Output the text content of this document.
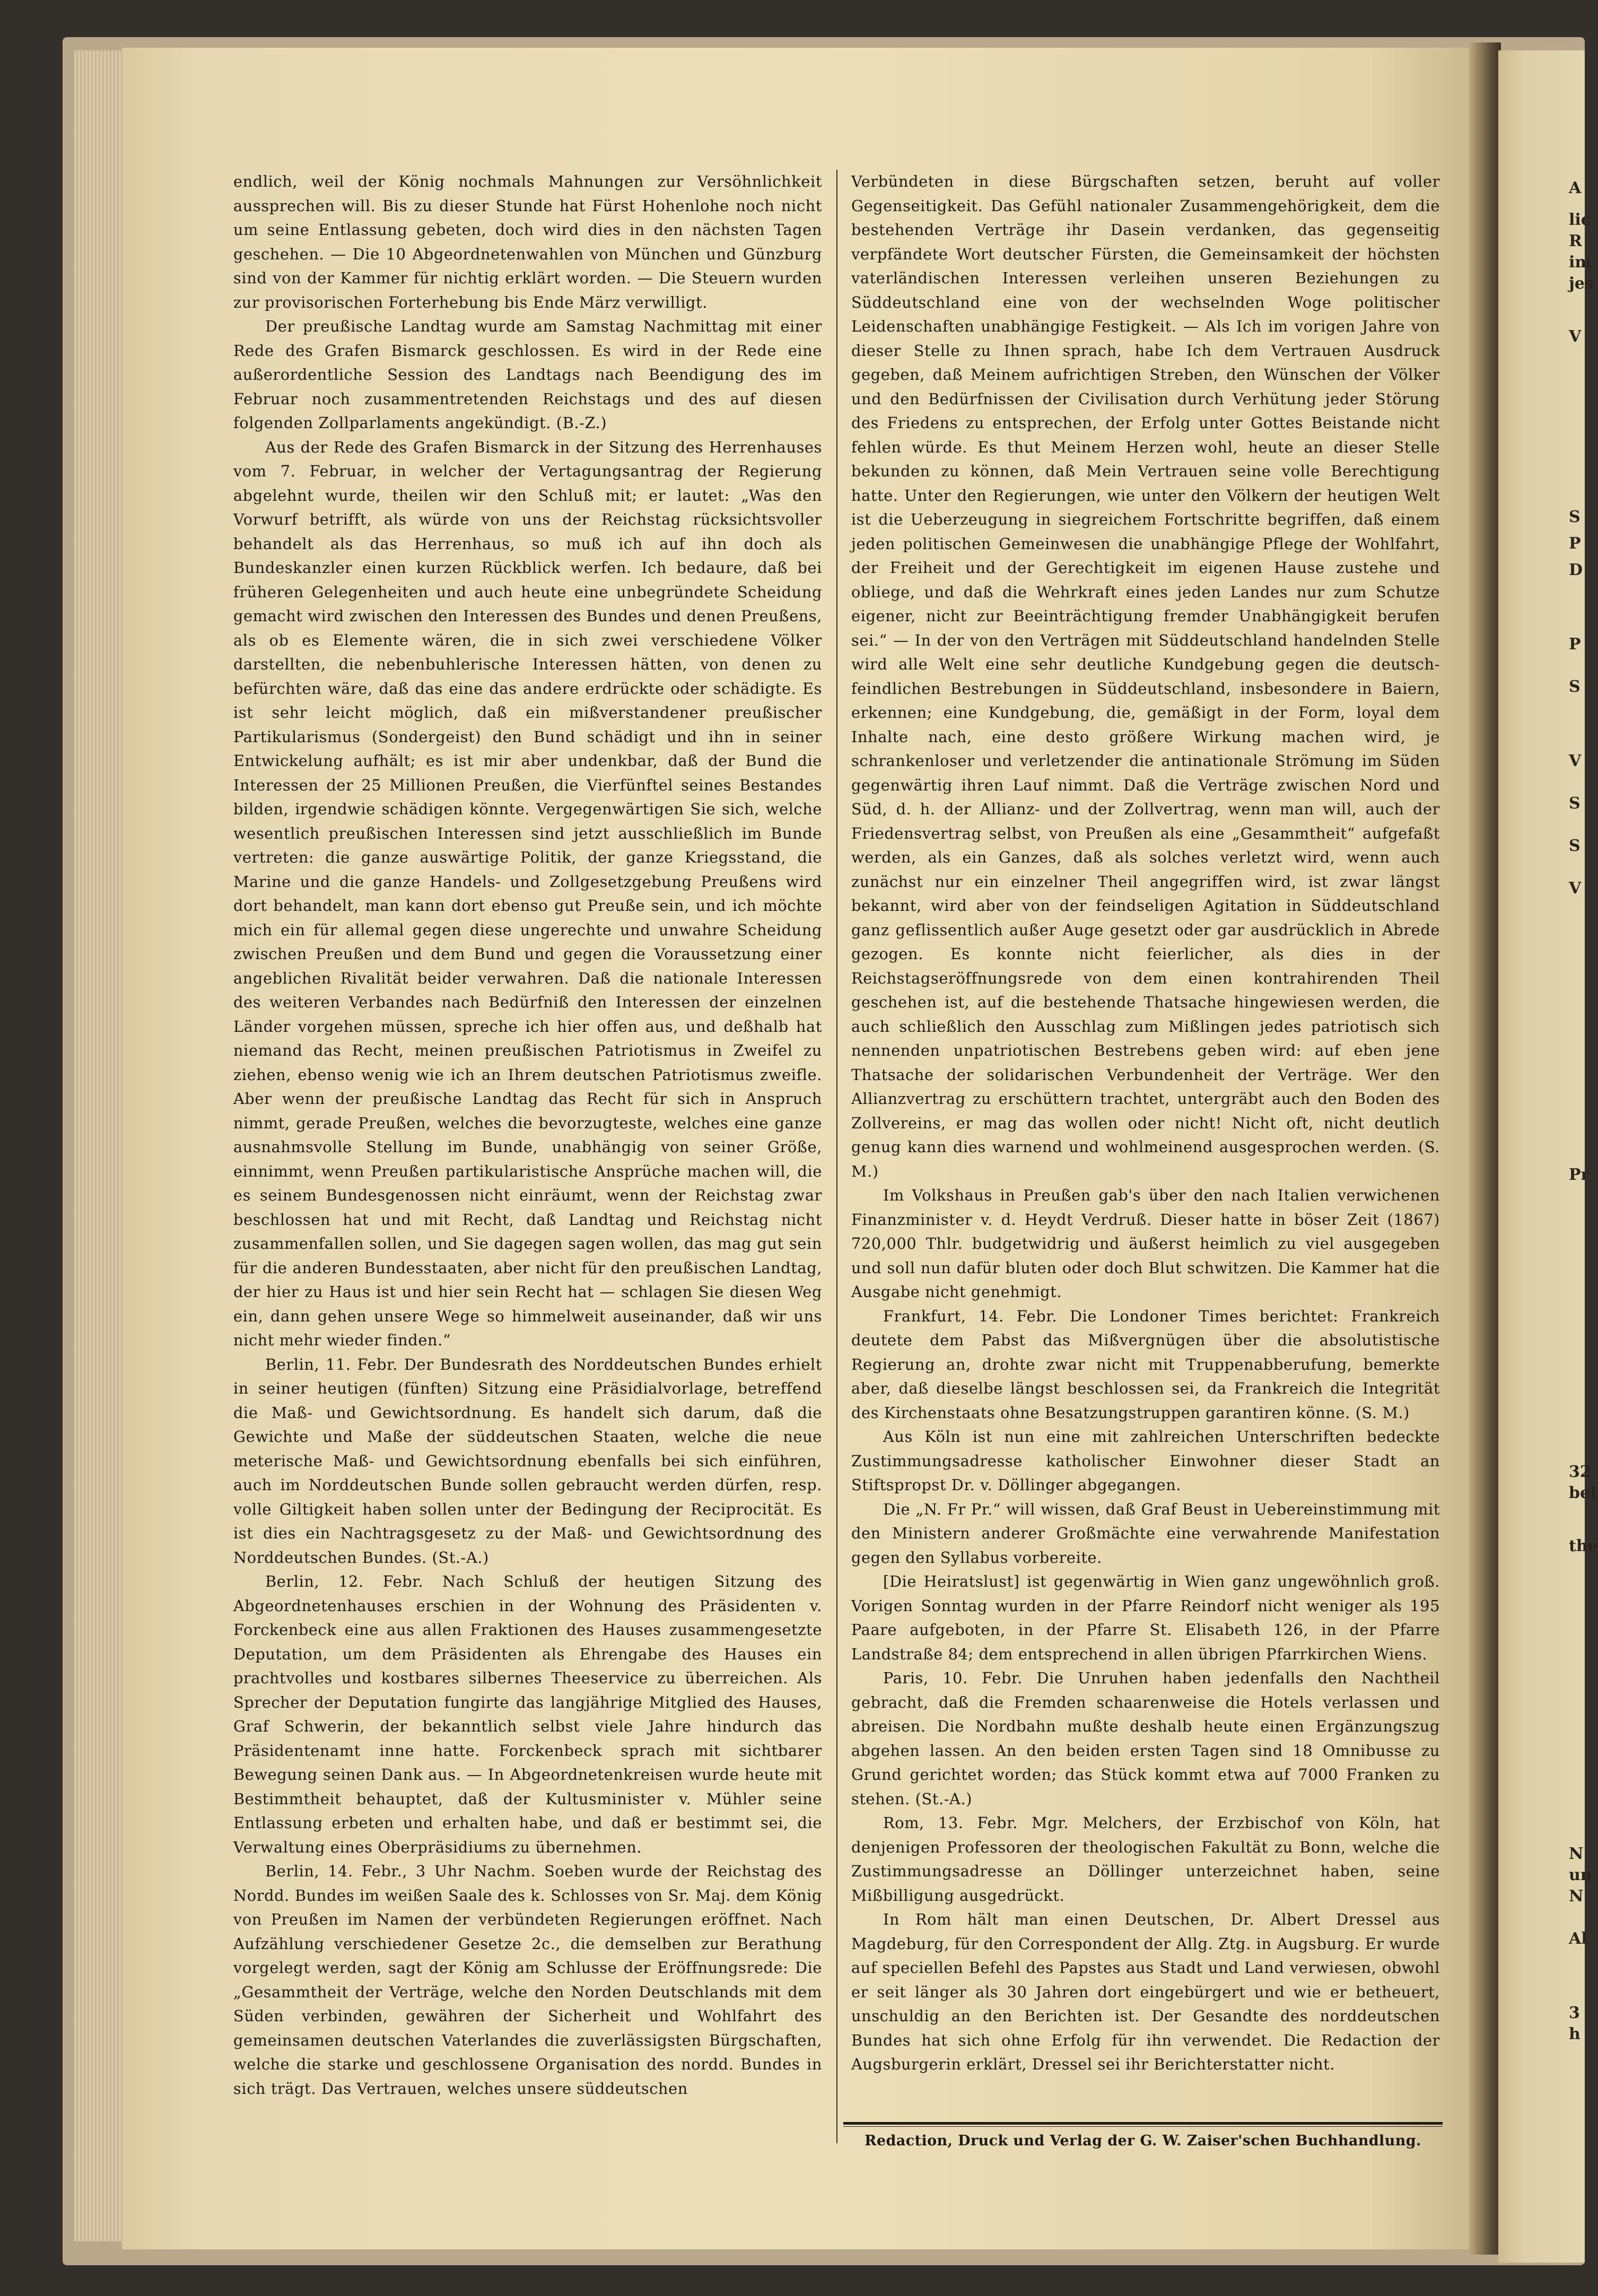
A
lic
R
im
jes
V
S
P
D
P
S
V
S
S
V
Pr
32
bel
the
N
un
N
Al
3
h

endlich, weil der König nochmals Mahnungen zur Versöhnlichkeit aussprechen will. Bis zu dieser Stunde hat Fürst Hohenlohe noch nicht um seine Entlassung gebeten, doch wird dies in den nächsten Tagen geschehen. — Die 10 Abgeordnetenwahlen von München und Günzburg sind von der Kammer für nichtig erklärt worden. — Die Steuern wurden zur provisorischen Forterhebung bis Ende März verwilligt.

Der preußische Landtag wurde am Samstag Nachmittag mit einer Rede des Grafen Bismarck geschlossen. Es wird in der Rede eine außerordentliche Session des Landtags nach Beendigung des im Februar noch zusammentretenden Reichstags und des auf diesen folgenden Zollparlaments angekündigt. (B.-Z.)

Aus der Rede des Grafen Bismarck in der Sitzung des Herrenhauses vom 7. Februar, in welcher der Vertagungsantrag der Regierung abgelehnt wurde, theilen wir den Schluß mit; er lautet: „Was den Vorwurf betrifft, als würde von uns der Reichstag rücksichtsvoller behandelt als das Herrenhaus, so muß ich auf ihn doch als Bundeskanzler einen kurzen Rückblick werfen. Ich bedaure, daß bei früheren Gelegenheiten und auch heute eine unbegründete Scheidung gemacht wird zwischen den Interessen des Bundes und denen Preußens, als ob es Elemente wären, die in sich zwei verschiedene Völker darstellten, die nebenbuhlerische Interessen hätten, von denen zu befürchten wäre, daß das eine das andere erdrückte oder schädigte. Es ist sehr leicht möglich, daß ein mißverstandener preußischer Partikularismus (Sondergeist) den Bund schädigt und ihn in seiner Entwickelung aufhält; es ist mir aber undenkbar, daß der Bund die Interessen der 25 Millionen Preußen, die Vierfünftel seines Bestandes bilden, irgendwie schädigen könnte. Vergegenwärtigen Sie sich, welche wesentlich preußischen Interessen sind jetzt ausschließlich im Bunde vertreten: die ganze auswärtige Politik, der ganze Kriegsstand, die Marine und die ganze Handels- und Zollgesetzgebung Preußens wird dort behandelt, man kann dort ebenso gut Preuße sein, und ich möchte mich ein für allemal gegen diese ungerechte und unwahre Scheidung zwischen Preußen und dem Bund und gegen die Voraussetzung einer angeblichen Rivalität beider verwahren. Daß die nationale Interessen des weiteren Verbandes nach Bedürfniß den Interessen der einzelnen Länder vorgehen müssen, spreche ich hier offen aus, und deßhalb hat niemand das Recht, meinen preußischen Patriotismus in Zweifel zu ziehen, ebenso wenig wie ich an Ihrem deutschen Patriotismus zweifle. Aber wenn der preußische Landtag das Recht für sich in Anspruch nimmt, gerade Preußen, welches die bevorzugteste, welches eine ganze ausnahmsvolle Stellung im Bunde, unabhängig von seiner Größe, einnimmt, wenn Preußen partikularistische Ansprüche machen will, die es seinem Bundesgenossen nicht einräumt, wenn der Reichstag zwar beschlossen hat und mit Recht, daß Landtag und Reichstag nicht zusammenfallen sollen, und Sie dagegen sagen wollen, das mag gut sein für die anderen Bundesstaaten, aber nicht für den preußischen Landtag, der hier zu Haus ist und hier sein Recht hat — schlagen Sie diesen Weg ein, dann gehen unsere Wege so himmelweit auseinander, daß wir uns nicht mehr wieder finden.“

Berlin, 11. Febr. Der Bundesrath des Norddeutschen Bundes erhielt in seiner heutigen (fünften) Sitzung eine Präsidialvorlage, betreffend die Maß- und Gewichtsordnung. Es handelt sich darum, daß die Gewichte und Maße der süddeutschen Staaten, welche die neue meterische Maß- und Gewichtsordnung ebenfalls bei sich einführen, auch im Norddeutschen Bunde sollen gebraucht werden dürfen, resp. volle Giltigkeit haben sollen unter der Bedingung der Reciprocität. Es ist dies ein Nachtragsgesetz zu der Maß- und Gewichtsordnung des Norddeutschen Bundes. (St.-A.)

Berlin, 12. Febr. Nach Schluß der heutigen Sitzung des Abgeordnetenhauses erschien in der Wohnung des Präsidenten v. Forckenbeck eine aus allen Fraktionen des Hauses zusammengesetzte Deputation, um dem Präsidenten als Ehrengabe des Hauses ein prachtvolles und kostbares silbernes Theeservice zu überreichen. Als Sprecher der Deputation fungirte das langjährige Mitglied des Hauses, Graf Schwerin, der bekanntlich selbst viele Jahre hindurch das Präsidentenamt inne hatte. Forckenbeck sprach mit sichtbarer Bewegung seinen Dank aus. — In Abgeordnetenkreisen wurde heute mit Bestimmtheit behauptet, daß der Kultusminister v. Mühler seine Entlassung erbeten und erhalten habe, und daß er bestimmt sei, die Verwaltung eines Oberpräsidiums zu übernehmen.

Berlin, 14. Febr., 3 Uhr Nachm. Soeben wurde der Reichstag des Nordd. Bundes im weißen Saale des k. Schlosses von Sr. Maj. dem König von Preußen im Namen der verbündeten Regierungen eröffnet. Nach Aufzählung verschiedener Gesetze 2c., die demselben zur Berathung vorgelegt werden, sagt der König am Schlusse der Eröffnungsrede: Die „Gesammtheit der Verträge, welche den Norden Deutschlands mit dem Süden verbinden, gewähren der Sicherheit und Wohlfahrt des gemeinsamen deutschen Vaterlandes die zuverlässigsten Bürgschaften, welche die starke und geschlossene Organisation des nordd. Bundes in sich trägt. Das Vertrauen, welches unsere süddeutschen

Verbündeten in diese Bürgschaften setzen, beruht auf voller Gegenseitigkeit. Das Gefühl nationaler Zusammengehörigkeit, dem die bestehenden Verträge ihr Dasein verdanken, das gegenseitig verpfändete Wort deutscher Fürsten, die Gemeinsamkeit der höchsten vaterländischen Interessen verleihen unseren Beziehungen zu Süddeutschland eine von der wechselnden Woge politischer Leidenschaften unabhängige Festigkeit. — Als Ich im vorigen Jahre von dieser Stelle zu Ihnen sprach, habe Ich dem Vertrauen Ausdruck gegeben, daß Meinem aufrichtigen Streben, den Wünschen der Völker und den Bedürfnissen der Civilisation durch Verhütung jeder Störung des Friedens zu entsprechen, der Erfolg unter Gottes Beistande nicht fehlen würde. Es thut Meinem Herzen wohl, heute an dieser Stelle bekunden zu können, daß Mein Vertrauen seine volle Berechtigung hatte. Unter den Regierungen, wie unter den Völkern der heutigen Welt ist die Ueberzeugung in siegreichem Fortschritte begriffen, daß einem jeden politischen Gemeinwesen die unabhängige Pflege der Wohlfahrt, der Freiheit und der Gerechtigkeit im eigenen Hause zustehe und obliege, und daß die Wehrkraft eines jeden Landes nur zum Schutze eigener, nicht zur Beeinträchtigung fremder Unabhängigkeit berufen sei.“ — In der von den Verträgen mit Süddeutschland handelnden Stelle wird alle Welt eine sehr deutliche Kundgebung gegen die deutsch-feindlichen Bestrebungen in Süddeutschland, insbesondere in Baiern, erkennen; eine Kundgebung, die, gemäßigt in der Form, loyal dem Inhalte nach, eine desto größere Wirkung machen wird, je schrankenloser und verletzender die antinationale Strömung im Süden gegenwärtig ihren Lauf nimmt. Daß die Verträge zwischen Nord und Süd, d. h. der Allianz- und der Zollvertrag, wenn man will, auch der Friedensvertrag selbst, von Preußen als eine „Gesammtheit“ aufgefaßt werden, als ein Ganzes, daß als solches verletzt wird, wenn auch zunächst nur ein einzelner Theil angegriffen wird, ist zwar längst bekannt, wird aber von der feindseligen Agitation in Süddeutschland ganz geflissentlich außer Auge gesetzt oder gar ausdrücklich in Abrede gezogen. Es konnte nicht feierlicher, als dies in der Reichstagseröffnungsrede von dem einen kontrahirenden Theil geschehen ist, auf die bestehende Thatsache hingewiesen werden, die auch schließlich den Ausschlag zum Mißlingen jedes patriotisch sich nennenden unpatriotischen Bestrebens geben wird: auf eben jene Thatsache der solidarischen Verbundenheit der Verträge. Wer den Allianzvertrag zu erschüttern trachtet, untergräbt auch den Boden des Zollvereins, er mag das wollen oder nicht! Nicht oft, nicht deutlich genug kann dies warnend und wohlmeinend ausgesprochen werden. (S. M.)

Im Volkshaus in Preußen gab's über den nach Italien verwichenen Finanzminister v. d. Heydt Verdruß. Dieser hatte in böser Zeit (1867) 720,000 Thlr. budgetwidrig und äußerst heimlich zu viel ausgegeben und soll nun dafür bluten oder doch Blut schwitzen. Die Kammer hat die Ausgabe nicht genehmigt.

Frankfurt, 14. Febr. Die Londoner Times berichtet: Frankreich deutete dem Pabst das Mißvergnügen über die absolutistische Regierung an, drohte zwar nicht mit Truppenabberufung, bemerkte aber, daß dieselbe längst beschlossen sei, da Frankreich die Integrität des Kirchenstaats ohne Besatzungstruppen garantiren könne. (S. M.)

Aus Köln ist nun eine mit zahlreichen Unterschriften bedeckte Zustimmungsadresse katholischer Einwohner dieser Stadt an Stiftspropst Dr. v. Döllinger abgegangen.

Die „N. Fr Pr.“ will wissen, daß Graf Beust in Uebereinstimmung mit den Ministern anderer Großmächte eine verwahrende Manifestation gegen den Syllabus vorbereite.

[Die Heiratslust] ist gegenwärtig in Wien ganz ungewöhnlich groß. Vorigen Sonntag wurden in der Pfarre Reindorf nicht weniger als 195 Paare aufgeboten, in der Pfarre St. Elisabeth 126, in der Pfarre Landstraße 84; dem entsprechend in allen übrigen Pfarrkirchen Wiens.

Paris, 10. Febr. Die Unruhen haben jedenfalls den Nachtheil gebracht, daß die Fremden schaarenweise die Hotels verlassen und abreisen. Die Nordbahn mußte deshalb heute einen Ergänzungszug abgehen lassen. An den beiden ersten Tagen sind 18 Omnibusse zu Grund gerichtet worden; das Stück kommt etwa auf 7000 Franken zu stehen. (St.-A.)

Rom, 13. Febr. Mgr. Melchers, der Erzbischof von Köln, hat denjenigen Professoren der theologischen Fakultät zu Bonn, welche die Zustimmungsadresse an Döllinger unterzeichnet haben, seine Mißbilligung ausgedrückt.

In Rom hält man einen Deutschen, Dr. Albert Dressel aus Magdeburg, für den Correspondent der Allg. Ztg. in Augsburg. Er wurde auf speciellen Befehl des Papstes aus Stadt und Land verwiesen, obwohl er seit länger als 30 Jahren dort eingebürgert und wie er betheuert, unschuldig an den Berichten ist. Der Gesandte des norddeutschen Bundes hat sich ohne Erfolg für ihn verwendet. Die Redaction der Augsburgerin erklärt, Dressel sei ihr Berichterstatter nicht.

Redaction, Druck und Verlag der G. W. Zaiser'schen Buchhandlung.
